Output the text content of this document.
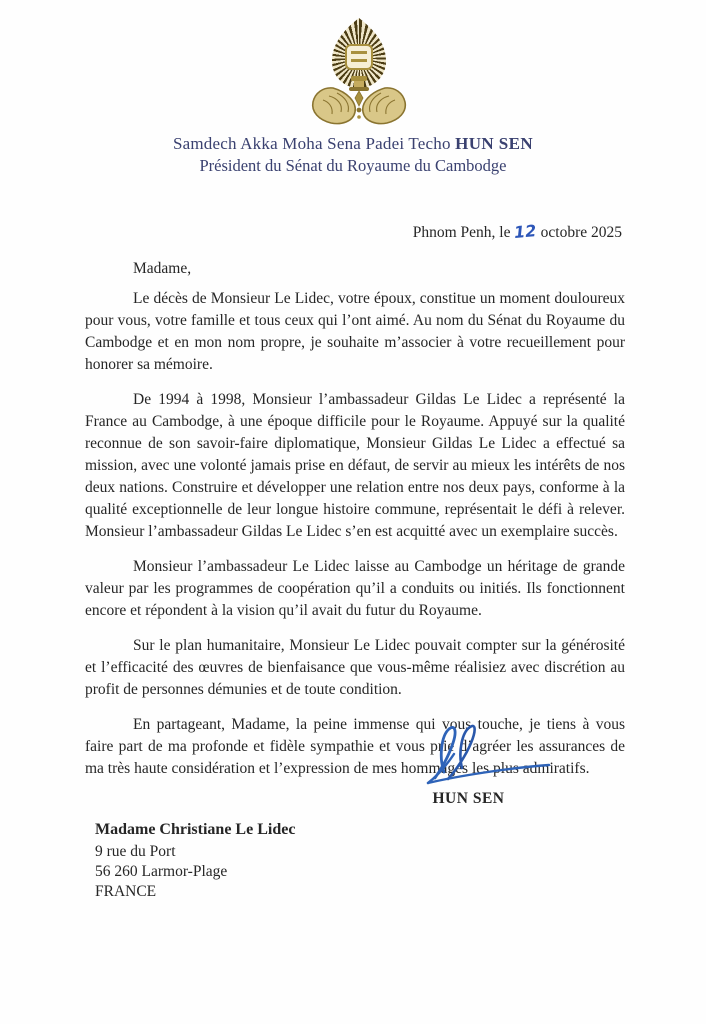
Samdech Akka Moha Sena Padei Techo HUN SEN
Président du Sénat du Royaume du Cambodge
Phnom Penh, le 12 octobre 2025

Madame,

Le décès de Monsieur Le Lidec, votre époux, constitue un moment douloureux pour vous, votre famille et tous ceux qui l’ont aimé. Au nom du Sénat du Royaume du Cambodge et en mon nom propre, je souhaite m’associer à votre recueillement pour honorer sa mémoire.

De 1994 à 1998, Monsieur l’ambassadeur Gildas Le Lidec a représenté la France au Cambodge, à une époque difficile pour le Royaume. Appuyé sur la qualité reconnue de son savoir-faire diplomatique, Monsieur Gildas Le Lidec a effectué sa mission, avec une volonté jamais prise en défaut, de servir au mieux les intérêts de nos deux nations. Construire et développer une relation entre nos deux pays, conforme à la qualité exceptionnelle de leur longue histoire commune, représentait le défi à relever. Monsieur l’ambassadeur Gildas Le Lidec s’en est acquitté avec un exemplaire succès.

Monsieur l’ambassadeur Le Lidec laisse au Cambodge un héritage de grande valeur par les programmes de coopération qu’il a conduits ou initiés. Ils fonctionnent encore et répondent à la vision qu’il avait du futur du Royaume.

Sur le plan humanitaire, Monsieur Le Lidec pouvait compter sur la générosité et l’efficacité des œuvres de bienfaisance que vous-même réalisiez avec discrétion au profit de personnes démunies et de toute condition.

En partageant, Madame, la peine immense qui vous touche, je tiens à vous faire part de ma profonde et fidèle sympathie et vous prie d’agréer les assurances de ma très haute considération et l’expression de mes hommages les plus admiratifs.

HUN SEN
Madame Christiane Le Lidec
9 rue du Port
56 260 Larmor-Plage
FRANCE
